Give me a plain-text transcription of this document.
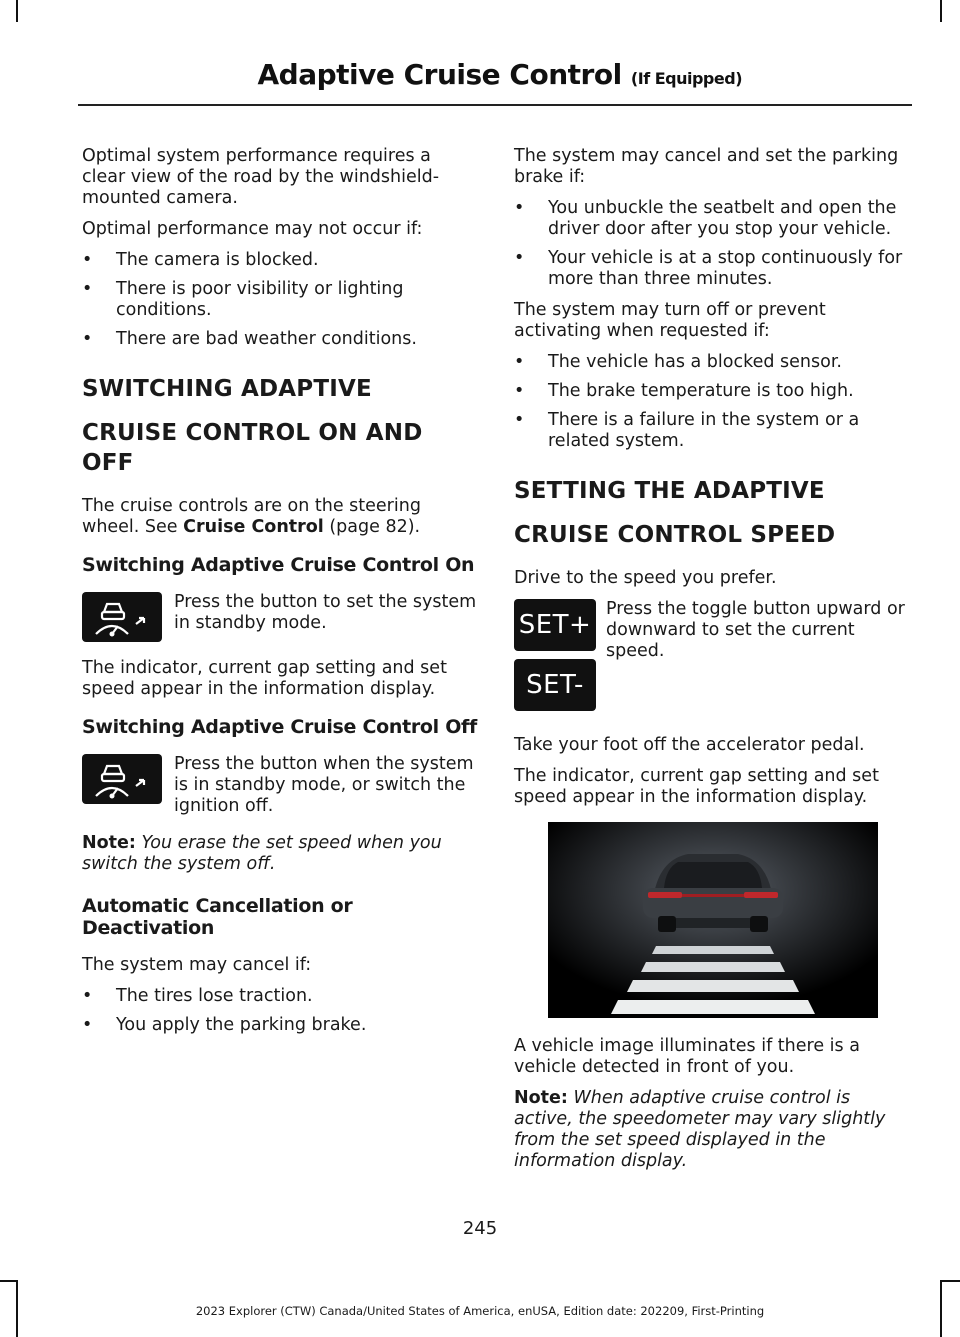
Adaptive Cruise Control (If Equipped)

Optimal system performance requires a clear view of the road by the windshield-mounted camera.

Optimal performance may not occur if:

• The camera is blocked.
• There is poor visibility or lighting conditions.
• There are bad weather conditions.
SWITCHING ADAPTIVE
CRUISE CONTROL ON AND OFF

The cruise controls are on the steering wheel. See Cruise Control (page 82).

Switching Adaptive Cruise Control On
Press the button to set the system in standby mode.

The indicator, current gap setting and set speed appear in the information display.

Switching Adaptive Cruise Control Off
Press the button when the system is in standby mode, or switch the ignition off.

Note: You erase the set speed when you switch the system off.

Automatic Cancellation or Deactivation

The system may cancel if:

• The tires lose traction.
• You apply the parking brake.

The system may cancel and set the parking brake if:

• You unbuckle the seatbelt and open the driver door after you stop your vehicle.
• Your vehicle is at a stop continuously for more than three minutes.

The system may turn off or prevent activating when requested if:

• The vehicle has a blocked sensor.
• The brake temperature is too high.
• There is a failure in the system or a related system.
SETTING THE ADAPTIVE
CRUISE CONTROL SPEED

Drive to the speed you prefer.

SET+
SET-
Press the toggle button upward or downward to set the current speed.

Take your foot off the accelerator pedal.

The indicator, current gap setting and set speed appear in the information display.

A vehicle image illuminates if there is a vehicle detected in front of you.

Note: When adaptive cruise control is active, the speedometer may vary slightly from the set speed displayed in the information display.

245
2023 Explorer (CTW) Canada/United States of America, enUSA, Edition date: 202209, First-Printing
